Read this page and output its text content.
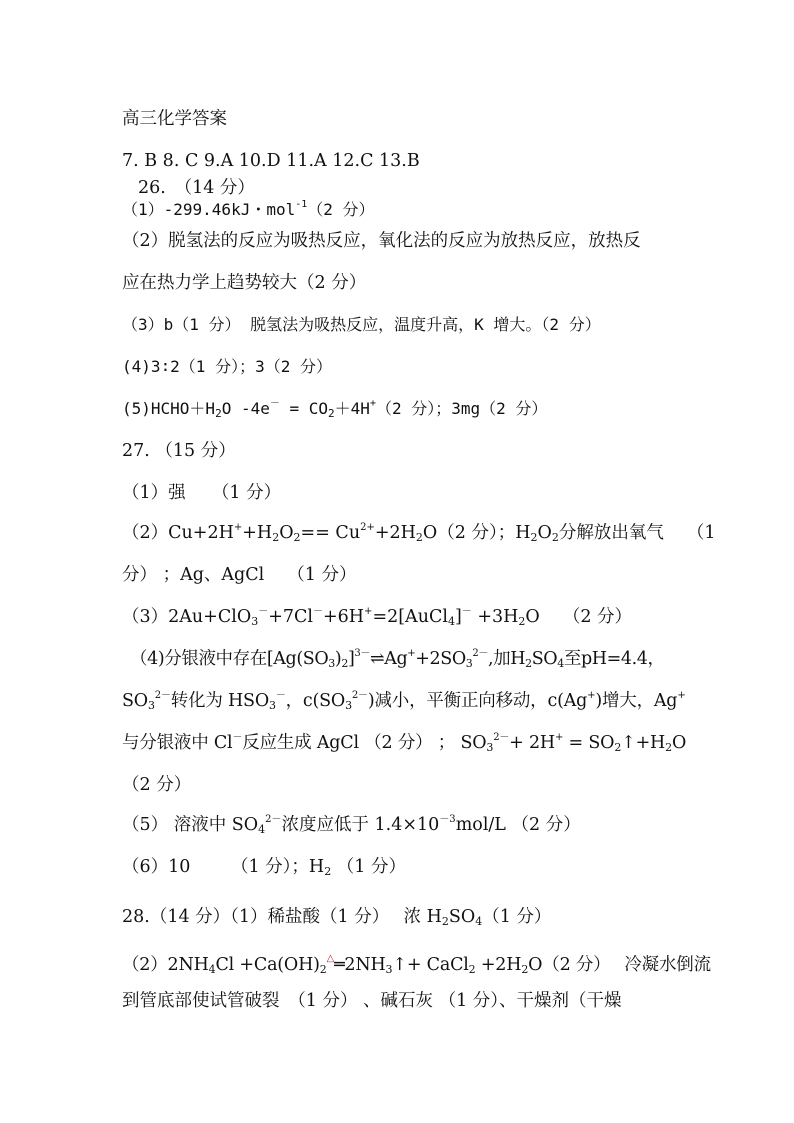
高三化学答案
7. B 8. C 9.A 10.D 11.A 12.C 13.B
26.　（14 分）
（1）-299.46kJ・mol$^{-1}$（2 分）
（2）脱氢法的反应为吸热反应，氧化法的反应为放热反应，放热反
应在热力学上趋势较大（2 分）
（3）b（1 分） 脱氢法为吸热反应，温度升高，K 增大。（2 分）
(4)3∶2（1 分）；3（2 分）
$(5)HCHO+H_2O$ $-4e^- = CO_2+4H^+(2$ 分）；3mg（2 分）
27. （15 分）
（1）强　　（1 分）
$(2)Cu+2H^++H_2O_2== Cu^{2+}+2H_2O(2$ 分）；$H_2O_2$分解放出氧气　 （1
分） ；Ag、AgCl　 （1 分）
（3）2Au+ClO$_3$－+7Cl－+6H+=2[AuCl$_4$]－ $+3H_2O$　 （2 分）
（4)分银液中存在$[Ag(SO_3)_2]^{3-}\rightleftharpoons Ag^++2SO_3^{2-}$,加$H_2SO_4$至pH=4.4，
$SO_3^{2-}$转化为 $HSO_3^-$，$c(SO_3^{2-})$减小，平衡正向移动，c(Ag+)增大，Ag+
与分银液中 Cl－反应生成 AgCl （2 分） ； $SO_3^{2-}+ 2H^+$ = $SO_2↑+H_2O$
（2 分）
（5） 溶液中 $SO_4^{2-}$浓度应低于 $1.4\times 10^{-3}mol/L$ （2 分）
（6）10　　 （1 分）；$H_2$ （1 分）
28.（14 分）（1）稀盐酸（1 分）　 浓 $H_2SO_4(1$ 分）
$(2)2NH_4Cl$ $+Ca(OH)_2^\triangle═2NH_3↑+$ CaCl$_2$ $+2H_2O(2$ 分）　 冷凝水倒流
到管底部使试管破裂　（1 分） 、碱石灰 （1 分）、干燥剂（干燥
